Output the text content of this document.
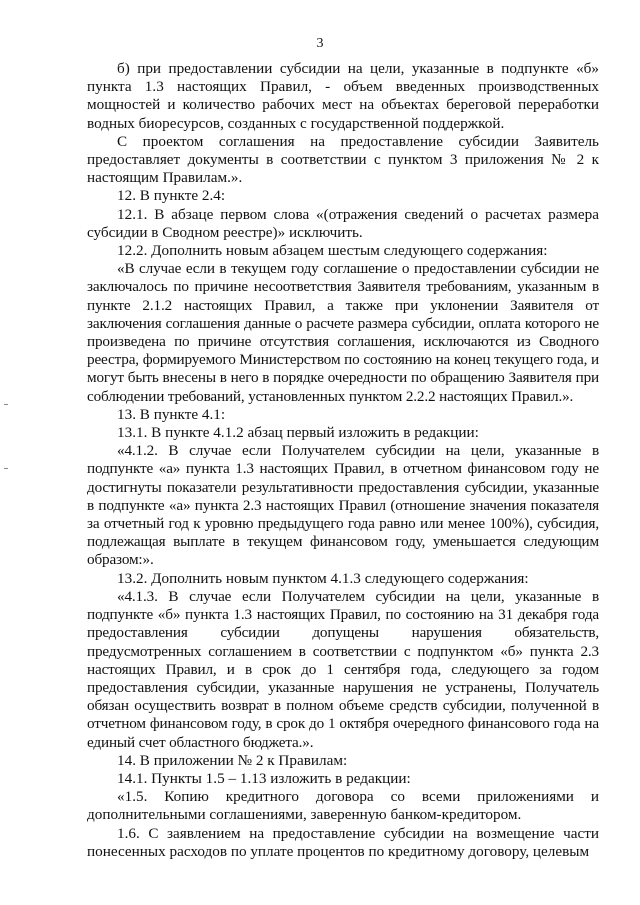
3

б) при предоставлении субсидии на цели, указанные в подпункте «б» пункта 1.3 настоящих Правил, - объем введенных производственных мощностей и количество рабочих мест на объектах береговой переработки водных биоресурсов, созданных с государственной поддержкой.

С проектом соглашения на предоставление субсидии Заявитель предоставляет документы в соответствии с пунктом 3 приложения № 2 к настоящим Правилам.».

12. В пункте 2.4:

12.1. В абзаце первом слова «(отражения сведений о расчетах размера субсидии в Сводном реестре)» исключить.

12.2. Дополнить новым абзацем шестым следующего содержания:

«В случае если в текущем году соглашение о предоставлении субсидии не заключалось по причине несоответствия Заявителя требованиям, указанным в пункте 2.1.2 настоящих Правил, а также при уклонении Заявителя от заключения соглашения данные о расчете размера субсидии, оплата которого не произведена по причине отсутствия соглашения, исключаются из Сводного реестра, формируемого Министерством по состоянию на конец текущего года, и могут быть внесены в него в порядке очередности по обращению Заявителя при соблюдении требований, установленных пунктом 2.2.2 настоящих Правил.».

13. В пункте 4.1:

13.1. В пункте 4.1.2 абзац первый изложить в редакции:

«4.1.2. В случае если Получателем субсидии на цели, указанные в подпункте «а» пункта 1.3 настоящих Правил, в отчетном финансовом году не достигнуты показатели результативности предоставления субсидии, указанные в подпункте «а» пункта 2.3 настоящих Правил (отношение значения показателя за отчетный год к уровню предыдущего года равно или менее 100%), субсидия, подлежащая выплате в текущем финансовом году, уменьшается следующим образом:».

13.2. Дополнить новым пунктом 4.1.3 следующего содержания:

«4.1.3. В случае если Получателем субсидии на цели, указанные в подпункте «б» пункта 1.3 настоящих Правил, по состоянию на 31 декабря года предоставления субсидии допущены нарушения обязательств, предусмотренных соглашением в соответствии с подпунктом «б» пункта 2.3 настоящих Правил, и в срок до 1 сентября года, следующего за годом предоставления субсидии, указанные нарушения не устранены, Получатель обязан осуществить возврат в полном объеме средств субсидии, полученной в отчетном финансовом году, в срок до 1 октября очередного финансового года на единый счет областного бюджета.».

14. В приложении № 2 к Правилам:

14.1. Пункты 1.5 – 1.13 изложить в редакции:

«1.5. Копию кредитного договора со всеми приложениями и дополнительными соглашениями, заверенную банком-кредитором.

1.6. С заявлением на предоставление субсидии на возмещение части понесенных расходов по уплате процентов по кредитному договору, целевым
